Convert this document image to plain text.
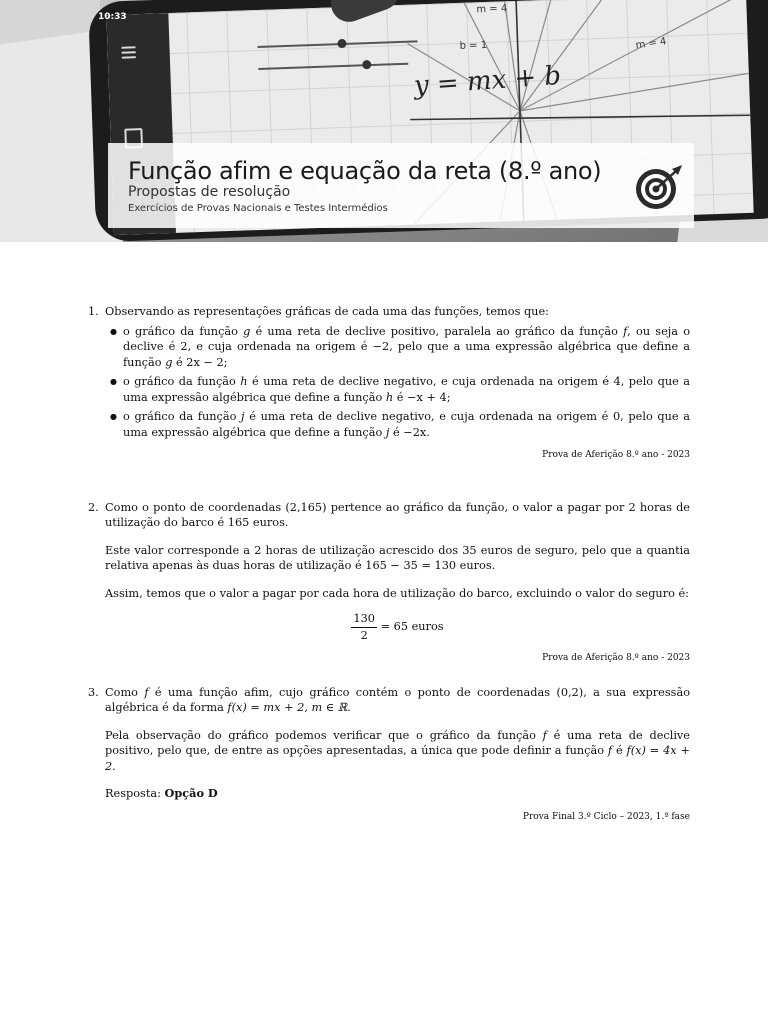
m = 4
b = 1	m = 4
y = mx + b
10:33
Função afim e equação da reta (8.º ano)
Propostas de resolução
Exercícios de Provas Nacionais e Testes Intermédios
1. Observando as representações gráficas de cada uma das funções, temos que:

● o gráfico da função g é uma reta de declive positivo, paralela ao gráfico da função f, ou seja o declive é 2, e cuja ordenada na origem é −2, pelo que a uma expressão algébrica que define a função g é 2x − 2;
● o gráfico da função h é uma reta de declive negativo, e cuja ordenada na origem é 4, pelo que a uma expressão algébrica que define a função h é −x + 4;
● o gráfico da função j é uma reta de declive negativo, e cuja ordenada na origem é 0, pelo que a uma expressão algébrica que define a função j é −2x.
Prova de Aferição 8.º ano - 2023
2. Como o ponto de coordenadas (2,165) pertence ao gráfico da função, o valor a pagar por 2 horas de utilização do barco é 165 euros.

Este valor corresponde a 2 horas de utilização acrescido dos 35 euros de seguro, pelo que a quantia relativa apenas às duas horas de utilização é 165 − 35 = 130 euros.

Assim, temos que o valor a pagar por cada hora de utilização do barco, excluindo o valor do seguro é:

$\frac{130}{2} = 65$ euros
Prova de Aferição 8.º ano - 2023
3. Como f é uma função afim, cujo gráfico contém o ponto de coordenadas (0,2), a sua expressão algébrica é da forma f(x) = mx + 2, m ∈ ℝ.

Pela observação do gráfico podemos verificar que o gráfico da função f é uma reta de declive positivo, pelo que, de entre as opções apresentadas, a única que pode definir a função f é f(x) = 4x + 2.

Resposta: Opção D

Prova Final 3.º Ciclo – 2023, 1.ª fase
